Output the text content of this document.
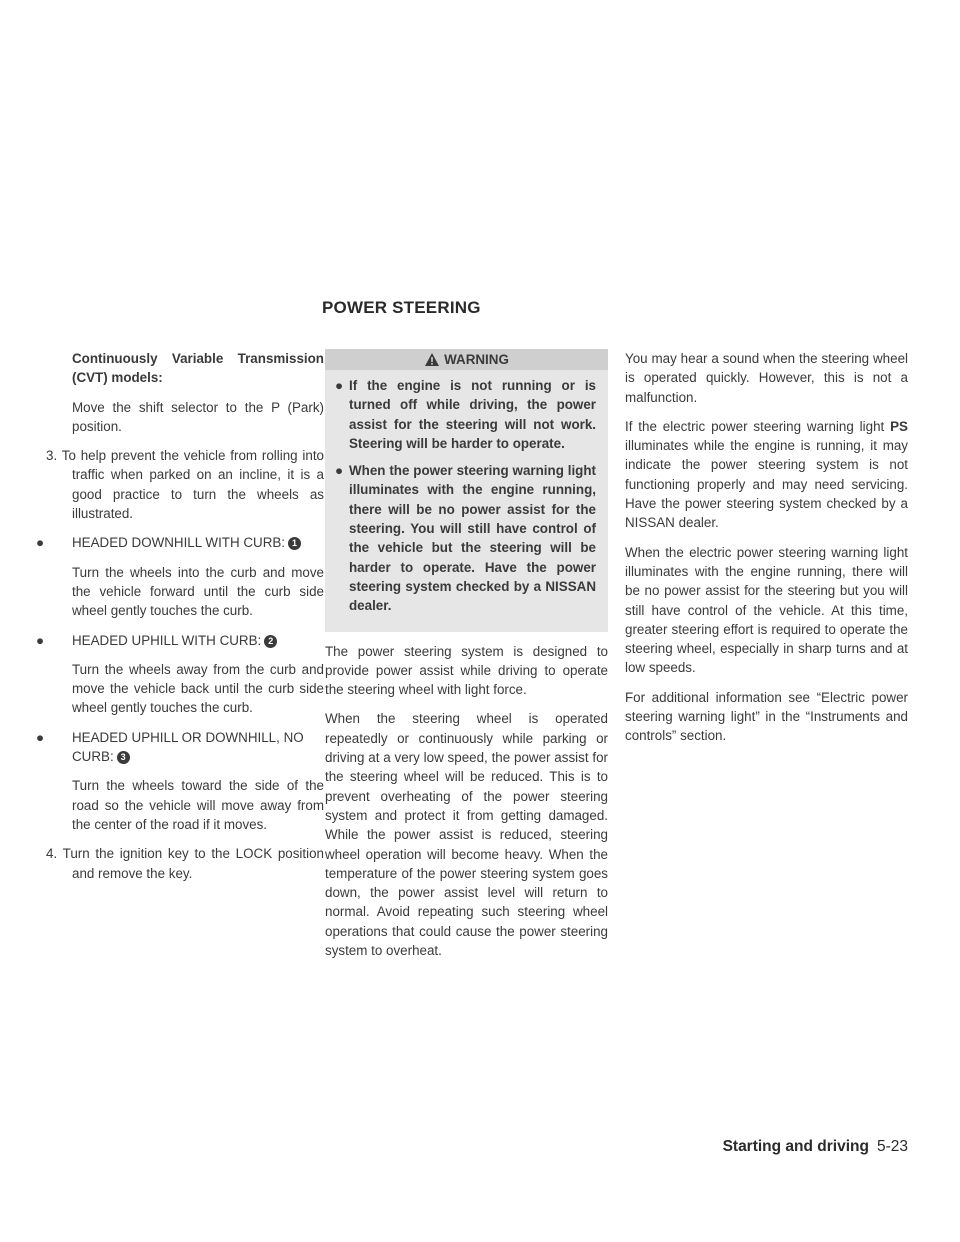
POWER STEERING

Continuously Variable Transmission (CVT) models:

Move the shift selector to the P (Park) position.

3. To help prevent the vehicle from rolling into traffic when parked on an incline, it is a good practice to turn the wheels as illustrated.

● HEADED DOWNHILL WITH CURB: 1

Turn the wheels into the curb and move the vehicle forward until the curb side wheel gently touches the curb.

● HEADED UPHILL WITH CURB: 2

Turn the wheels away from the curb and move the vehicle back until the curb side wheel gently touches the curb.

● HEADED UPHILL OR DOWNHILL, NO CURB: 3

Turn the wheels toward the side of the road so the vehicle will move away from the center of the road if it moves.

4. Turn the ignition key to the LOCK position and remove the key.

WARNING
● If the engine is not running or is turned off while driving, the power assist for the steering will not work. Steering will be harder to operate.
● When the power steering warning light illuminates with the engine running, there will be no power assist for the steering. You will still have control of the vehicle but the steering will be harder to operate. Have the power steering system checked by a NISSAN dealer.

The power steering system is designed to provide power assist while driving to operate the steering wheel with light force.

When the steering wheel is operated repeatedly or continuously while parking or driving at a very low speed, the power assist for the steering wheel will be reduced. This is to prevent overheating of the power steering system and protect it from getting damaged. While the power assist is reduced, steering wheel operation will become heavy. When the temperature of the power steering system goes down, the power assist level will return to normal. Avoid repeating such steering wheel operations that could cause the power steering system to overheat.

You may hear a sound when the steering wheel is operated quickly. However, this is not a malfunction.

If the electric power steering warning light PS illuminates while the engine is running, it may indicate the power steering system is not functioning properly and may need servicing. Have the power steering system checked by a NISSAN dealer.

When the electric power steering warning light illuminates with the engine running, there will be no power assist for the steering but you will still have control of the vehicle. At this time, greater steering effort is required to operate the steering wheel, especially in sharp turns and at low speeds.

For additional information see “Electric power steering warning light” in the “Instruments and controls” section.

Starting and driving 5-23
